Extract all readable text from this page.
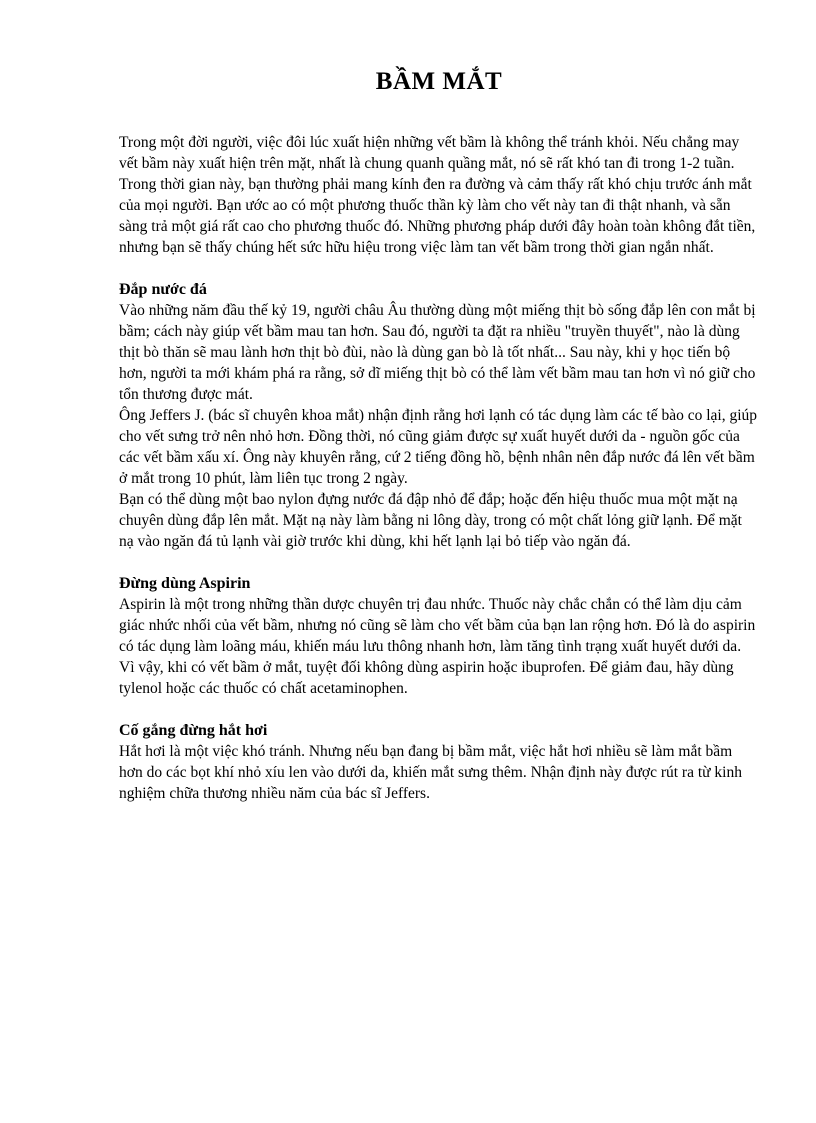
BẦM MẮT

Trong một đời người, việc đôi lúc xuất hiện những vết bầm là không thể tránh khỏi. Nếu chẳng may vết bầm này xuất hiện trên mặt, nhất là chung quanh quầng mắt, nó sẽ rất khó tan đi trong 1-2 tuần. Trong thời gian này, bạn thường phải mang kính đen ra đường và cảm thấy rất khó chịu trước ánh mắt của mọi người. Bạn ước ao có một phương thuốc thần kỳ làm cho vết này tan đi thật nhanh, và sẵn sàng trả một giá rất cao cho phương thuốc đó. Những phương pháp dưới đây hoàn toàn không đắt tiền, nhưng bạn sẽ thấy chúng hết sức hữu hiệu trong việc làm tan vết bầm trong thời gian ngắn nhất.

Đắp nước đá

Vào những năm đầu thế kỷ 19, người châu Âu thường dùng một miếng thịt bò sống đắp lên con mắt bị bầm; cách này giúp vết bầm mau tan hơn. Sau đó, người ta đặt ra nhiều "truyền thuyết", nào là dùng thịt bò thăn sẽ mau lành hơn thịt bò đùi, nào là dùng gan bò là tốt nhất... Sau này, khi y học tiến bộ hơn, người ta mới khám phá ra rằng, sở dĩ miếng thịt bò có thể làm vết bầm mau tan hơn vì nó giữ cho tổn thương được mát.

Ông Jeffers J. (bác sĩ chuyên khoa mắt) nhận định rằng hơi lạnh có tác dụng làm các tế bào co lại, giúp cho vết sưng trở nên nhỏ hơn. Đồng thời, nó cũng giảm được sự xuất huyết dưới da - nguồn gốc của các vết bầm xấu xí. Ông này khuyên rằng, cứ 2 tiếng đồng hồ, bệnh nhân nên đắp nước đá lên vết bầm ở mắt trong 10 phút, làm liên tục trong 2 ngày.

Bạn có thể dùng một bao nylon đựng nước đá đập nhỏ để đắp; hoặc đến hiệu thuốc mua một mặt nạ chuyên dùng đắp lên mắt. Mặt nạ này làm bằng ni lông dày, trong có một chất lỏng giữ lạnh. Để mặt nạ vào ngăn đá tủ lạnh vài giờ trước khi dùng, khi hết lạnh lại bỏ tiếp vào ngăn đá.

Đừng dùng Aspirin

Aspirin là một trong những thần dược chuyên trị đau nhức. Thuốc này chắc chắn có thể làm dịu cảm giác nhức nhối của vết bầm, nhưng nó cũng sẽ làm cho vết bầm của bạn lan rộng hơn. Đó là do aspirin có tác dụng làm loãng máu, khiến máu lưu thông nhanh hơn, làm tăng tình trạng xuất huyết dưới da.

Vì vậy, khi có vết bầm ở mắt, tuyệt đối không dùng aspirin hoặc ibuprofen. Để giảm đau, hãy dùng tylenol hoặc các thuốc có chất acetaminophen.

Cố gắng đừng hắt hơi

Hắt hơi là một việc khó tránh. Nhưng nếu bạn đang bị bầm mắt, việc hắt hơi nhiều sẽ làm mắt bầm hơn do các bọt khí nhỏ xíu len vào dưới da, khiến mắt sưng thêm. Nhận định này được rút ra từ kinh nghiệm chữa thương nhiều năm của bác sĩ Jeffers.
